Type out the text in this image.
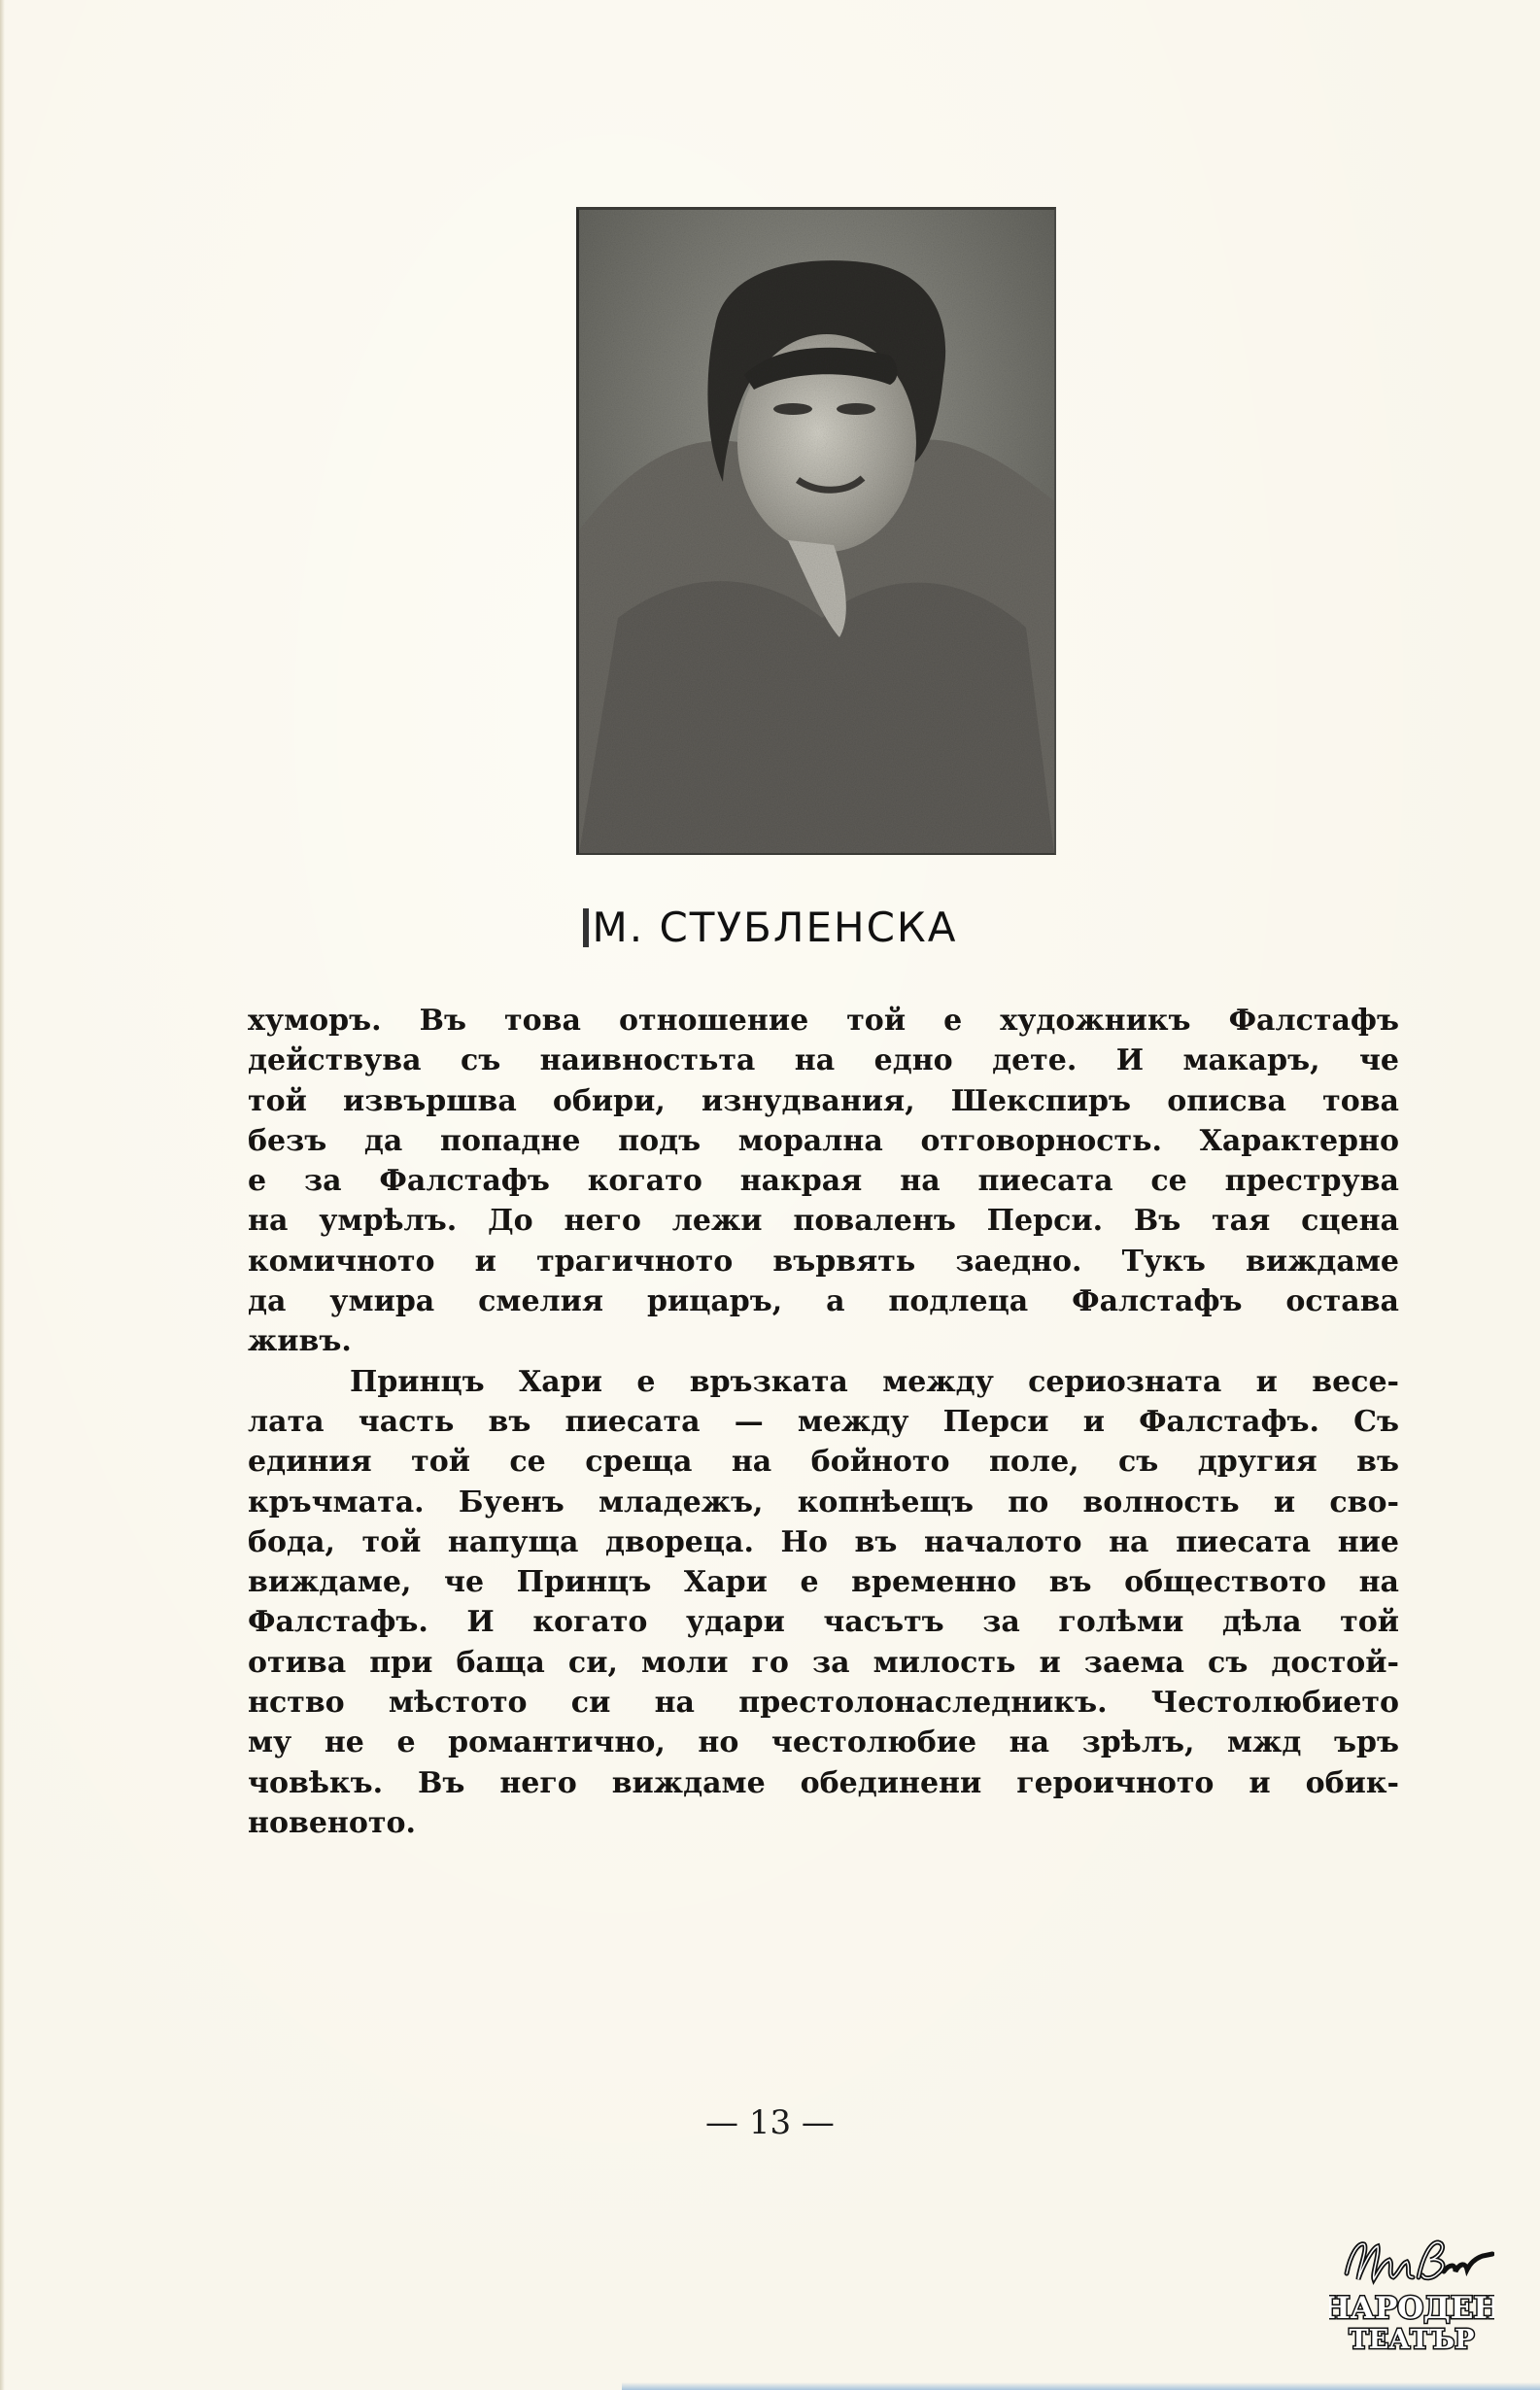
М. СТУБЛЕНСКА
хуморъ. Въ това отношение той е художникъ Фалстафъ
действува съ наивностьта на едно дете. И макаръ, че
той извършва обири, изнудвания, Шекспиръ описва това
безъ да попадне подъ морална отговорность. Характерно
е за Фалстафъ когато накрая на пиесата се преструва
на умрѣлъ. До него лежи поваленъ Перси. Въ тая сцена
комичното и трагичното вървять заедно. Тукъ виждаме
да умира смелия рицаръ, а подлеца Фалстафъ остава
живъ.
Принцъ Хари е връзката между сериозната и весе-
лата часть въ пиесата — между Перси и Фалстафъ. Съ
единия той се среща на бойното поле, съ другия въ
кръчмата. Буенъ младежъ, копнѣещъ по волность и сво-
бода, той напуща двореца. Но въ началото на пиесата ние
виждаме, че Принцъ Хари е временно въ обществото на
Фалстафъ. И когато удари часътъ за голѣми дѣла той
отива при баща си, моли го за милость и заема съ достой-
нство мѣстото си на престолонаследникъ. Честолюбието
му не е романтично, но честолюбие на зрѣлъ, мжд ъръ
човѣкъ. Въ него виждаме обединени героичното и обик-
новеното.
— 13 —
НАРОДЕН
ТЕАТЪР
